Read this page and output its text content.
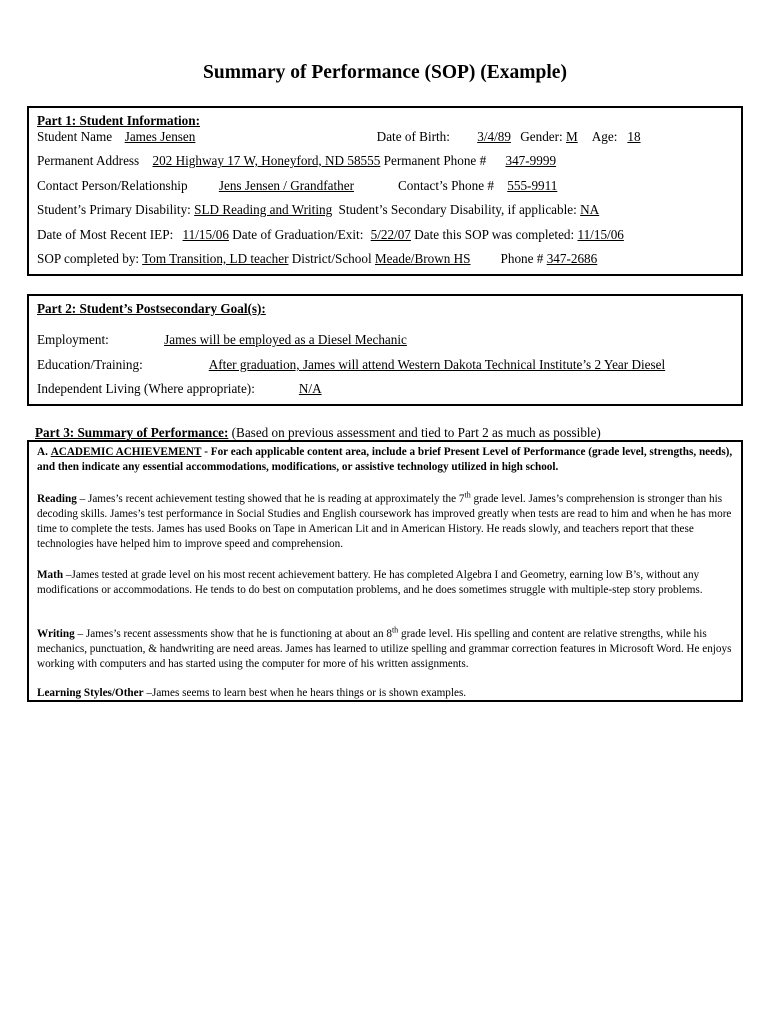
Summary of Performance (SOP) (Example)
Part 1: Student Information:
Student Name James Jensen	Date of Birth: 3/4/89 Gender: M Age: 18
Permanent Address 202 Highway 17 W, Honeyford, ND 58555 Permanent Phone # 347-9999
Contact Person/Relationship Jens Jensen / Grandfather	Contact’s Phone # 555-9911
Student’s Primary Disability: SLD Reading and Writing Student’s Secondary Disability, if applicable: NA
Date of Most Recent IEP: 11/15/06 Date of Graduation/Exit: 5/22/07 Date this SOP was completed: 11/15/06
SOP completed by: Tom Transition, LD teacher District/School Meade/Brown HS Phone # 347-2686
Part 2: Student’s Postsecondary Goal(s):
Employment:	James will be employed as a Diesel Mechanic
Education/Training:	After graduation, James will attend Western Dakota Technical Institute’s 2 Year Diesel
Independent Living (Where appropriate):	N/A
Part 3: Summary of Performance: (Based on previous assessment and tied to Part 2 as much as possible)
A. ACADEMIC ACHIEVEMENT - For each applicable content area, include a brief Present Level of Performance (grade level, strengths, needs), and then indicate any essential accommodations, modifications, or assistive technology utilized in high school.
Reading – James’s recent achievement testing showed that he is reading at approximately the 7th grade level. James’s comprehension is stronger than his decoding skills. James’s test performance in Social Studies and English coursework has improved greatly when tests are read to him and when he has more time to complete the tests. James has used Books on Tape in American Lit and in American History. He reads slowly, and teachers report that these technologies have helped him to improve speed and comprehension.
Math –James tested at grade level on his most recent achievement battery. He has completed Algebra I and Geometry, earning low B’s, without any modifications or accommodations. He tends to do best on computation problems, and he does sometimes struggle with multiple-step story problems.
Writing – James’s recent assessments show that he is functioning at about an 8th grade level. His spelling and content are relative strengths, while his mechanics, punctuation, & handwriting are need areas. James has learned to utilize spelling and grammar correction features in Microsoft Word. He enjoys working with computers and has started using the computer for more of his written assignments.
Learning Styles/Other –James seems to learn best when he hears things or is shown examples.
